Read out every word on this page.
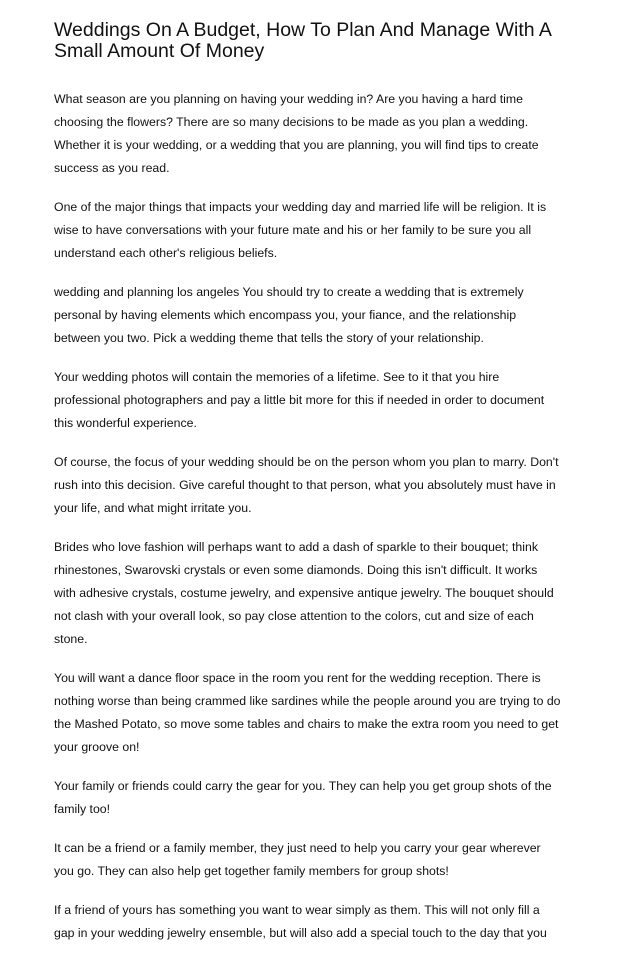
Weddings On A Budget, How To Plan And Manage With A
Small Amount Of Money

What season are you planning on having your wedding in? Are you having a hard time
choosing the flowers? There are so many decisions to be made as you plan a wedding.
Whether it is your wedding, or a wedding that you are planning, you will find tips to create
success as you read.

One of the major things that impacts your wedding day and married life will be religion. It is
wise to have conversations with your future mate and his or her family to be sure you all
understand each other's religious beliefs.

wedding and planning los angeles You should try to create a wedding that is extremely
personal by having elements which encompass you, your fiance, and the relationship
between you two. Pick a wedding theme that tells the story of your relationship.

Your wedding photos will contain the memories of a lifetime. See to it that you hire
professional photographers and pay a little bit more for this if needed in order to document
this wonderful experience.

Of course, the focus of your wedding should be on the person whom you plan to marry. Don't
rush into this decision. Give careful thought to that person, what you absolutely must have in
your life, and what might irritate you.

Brides who love fashion will perhaps want to add a dash of sparkle to their bouquet; think
rhinestones, Swarovski crystals or even some diamonds. Doing this isn't difficult. It works
with adhesive crystals, costume jewelry, and expensive antique jewelry. The bouquet should
not clash with your overall look, so pay close attention to the colors, cut and size of each
stone.

You will want a dance floor space in the room you rent for the wedding reception. There is
nothing worse than being crammed like sardines while the people around you are trying to do
the Mashed Potato, so move some tables and chairs to make the extra room you need to get
your groove on!

Your family or friends could carry the gear for you. They can help you get group shots of the
family too!

It can be a friend or a family member, they just need to help you carry your gear wherever
you go. They can also help get together family members for group shots!

If a friend of yours has something you want to wear simply as them. This will not only fill a
gap in your wedding jewelry ensemble, but will also add a special touch to the day that you
